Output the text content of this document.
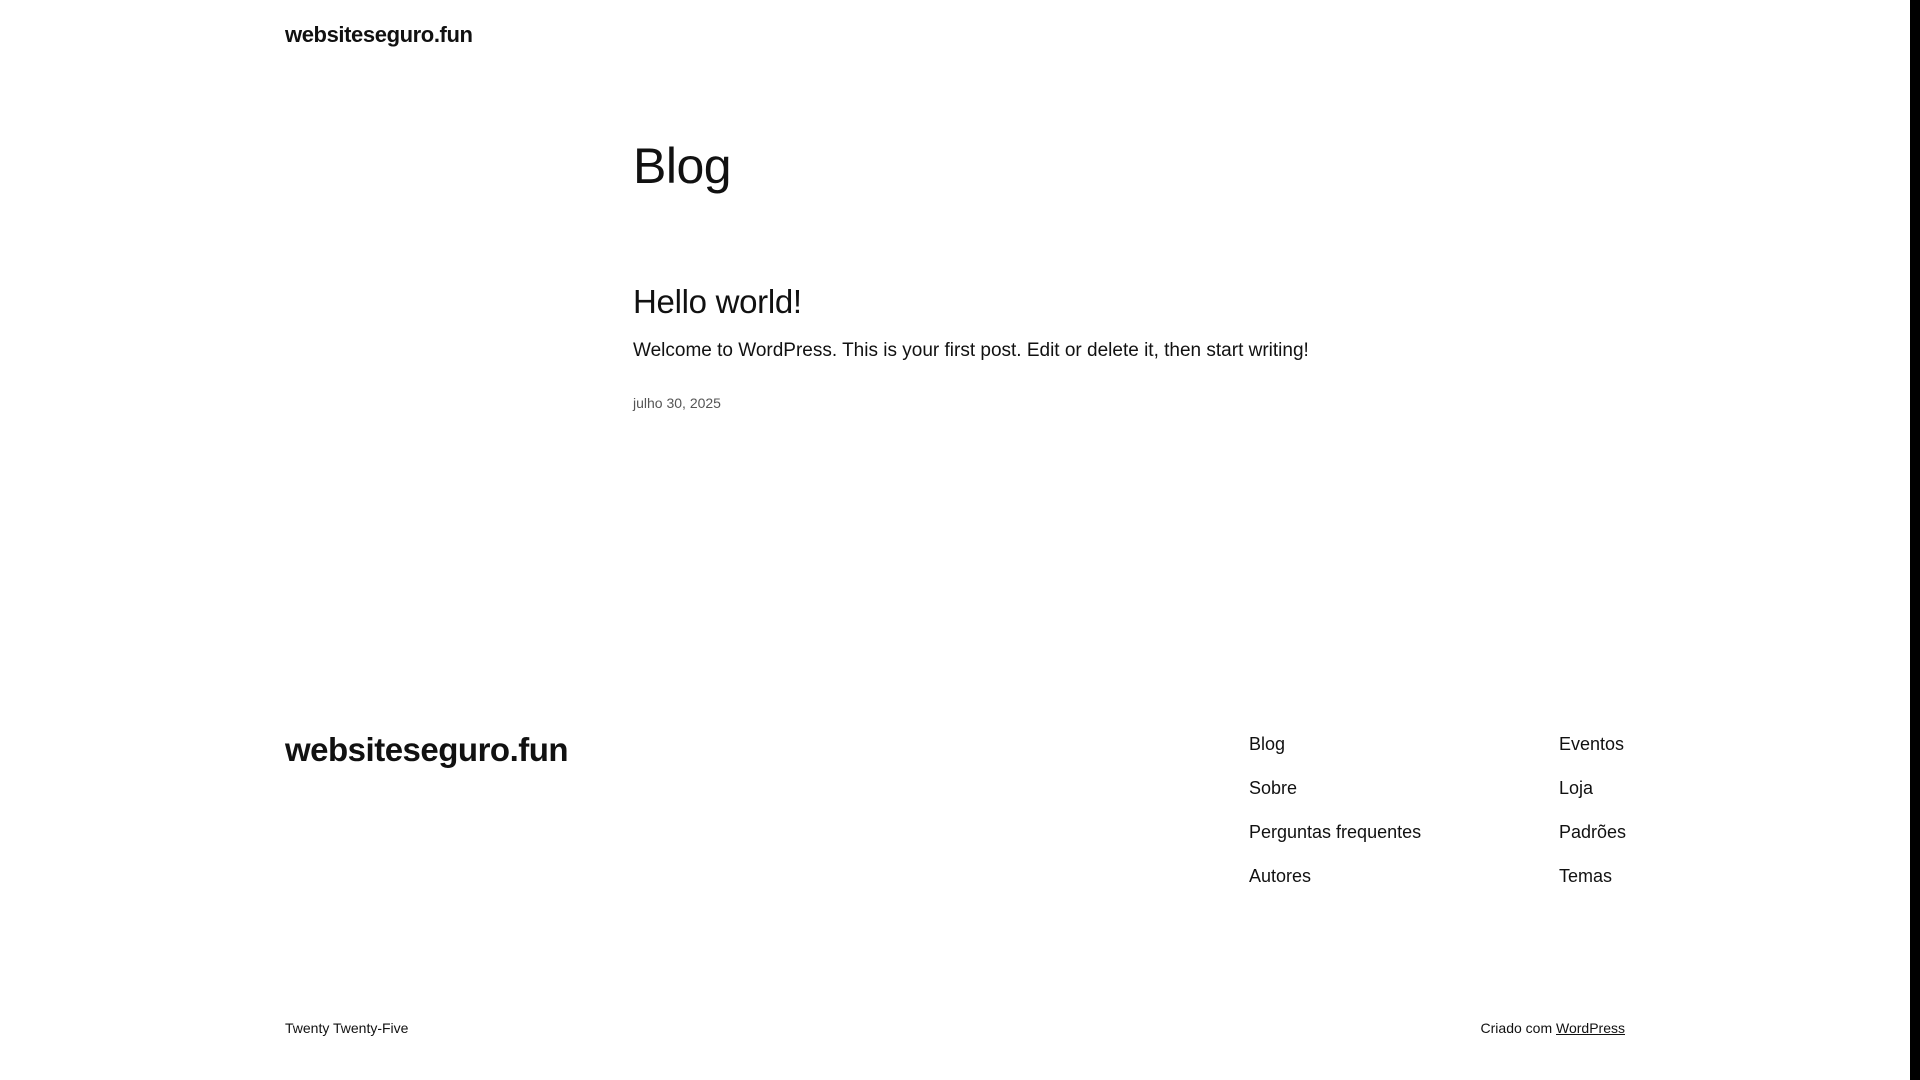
websiteseguro.fun
Blog
Hello world!

Welcome to WordPress. This is your first post. Edit or delete it, then start writing!

julho 30, 2025
websiteseguro.fun	Blog
Sobre
Perguntas frequentes
Autores
Eventos
Loja
Padrões
Temas
Twenty Twenty-Five	Criado com WordPress
